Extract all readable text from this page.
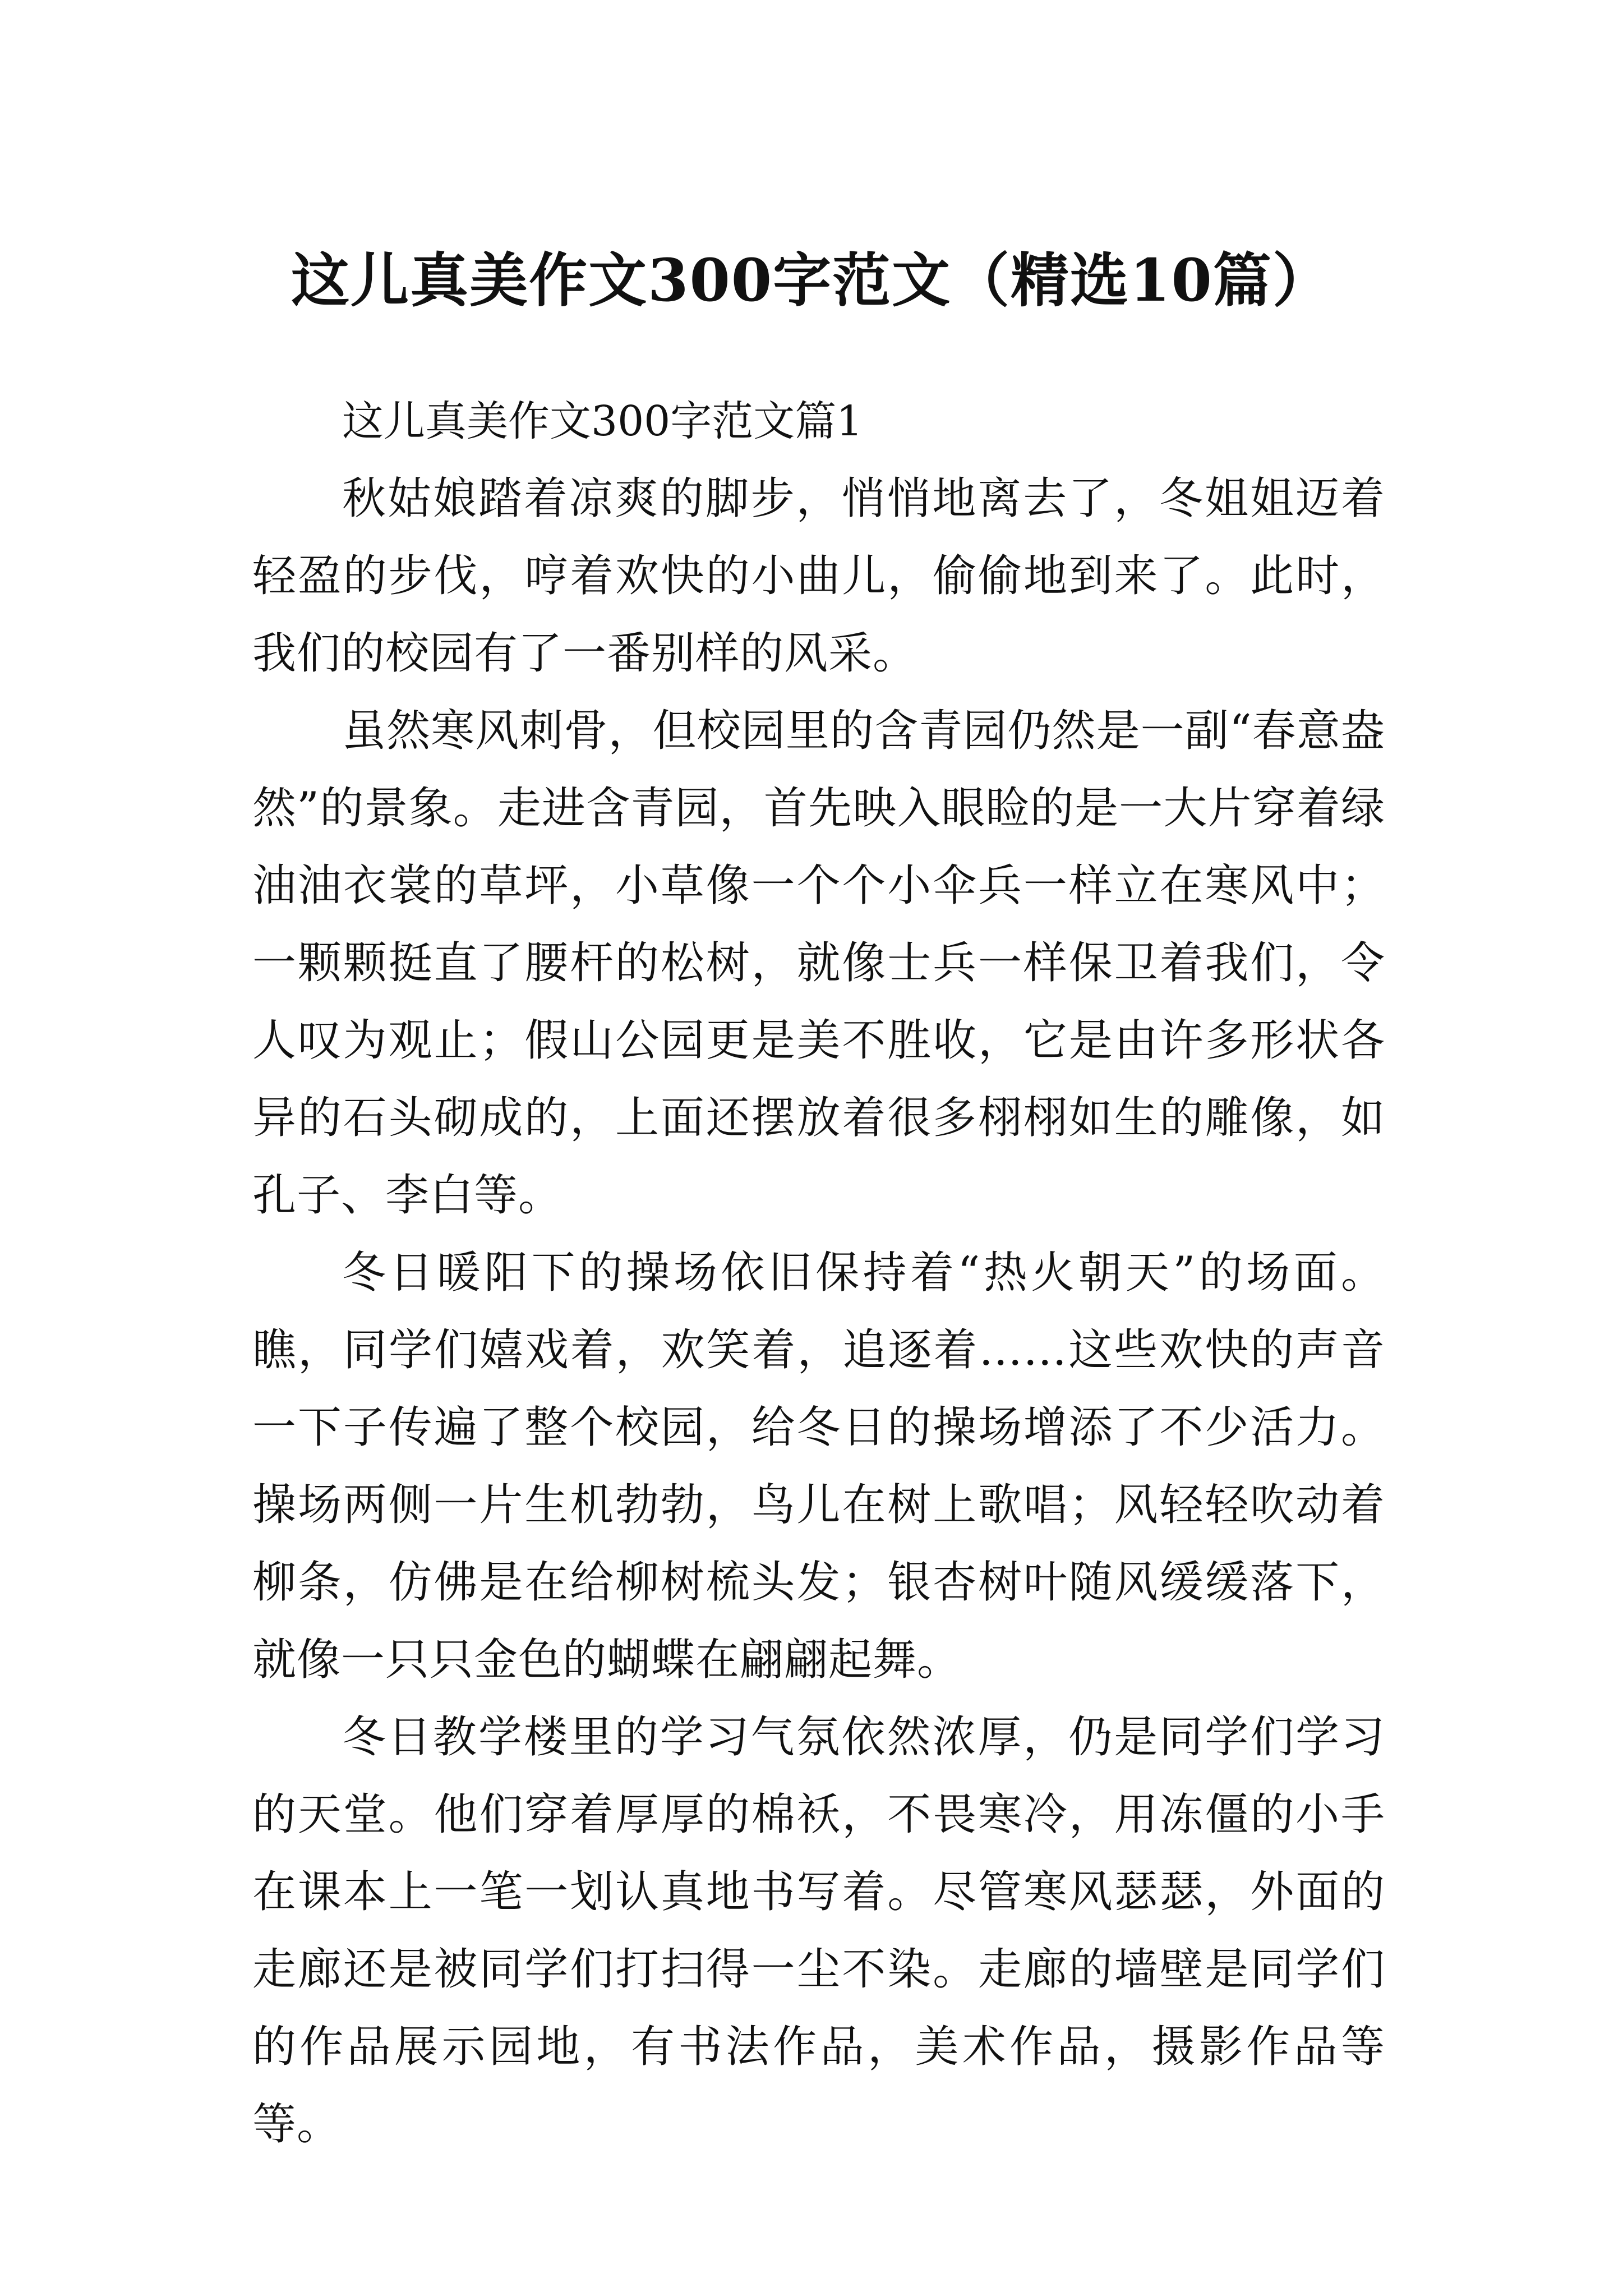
这儿真美作文300字范文（精选10篇）

这儿真美作文300字范文篇1

秋姑娘踏着凉爽的脚步，悄悄地离去了，冬姐姐迈着轻盈的步伐，哼着欢快的小曲儿，偷偷地到来了。此时，我们的校园有了一番别样的风采。

虽然寒风刺骨，但校园里的含青园仍然是一副“春意盎然”的景象。走进含青园，首先映入眼睑的是一大片穿着绿油油衣裳的草坪，小草像一个个小伞兵一样立在寒风中；一颗颗挺直了腰杆的松树，就像士兵一样保卫着我们，令人叹为观止；假山公园更是美不胜收，它是由许多形状各异的石头砌成的，上面还摆放着很多栩栩如生的雕像，如孔子、李白等。

冬日暖阳下的操场依旧保持着“热火朝天”的场面。瞧，同学们嬉戏着，欢笑着，追逐着……这些欢快的声音一下子传遍了整个校园，给冬日的操场增添了不少活力。操场两侧一片生机勃勃，鸟儿在树上歌唱；风轻轻吹动着柳条，仿佛是在给柳树梳头发；银杏树叶随风缓缓落下，就像一只只金色的蝴蝶在翩翩起舞。

冬日教学楼里的学习气氛依然浓厚，仍是同学们学习的天堂。他们穿着厚厚的棉袄，不畏寒冷，用冻僵的小手在课本上一笔一划认真地书写着。尽管寒风瑟瑟，外面的走廊还是被同学们打扫得一尘不染。走廊的墙壁是同学们的作品展示园地，有书法作品，美术作品，摄影作品等等。
